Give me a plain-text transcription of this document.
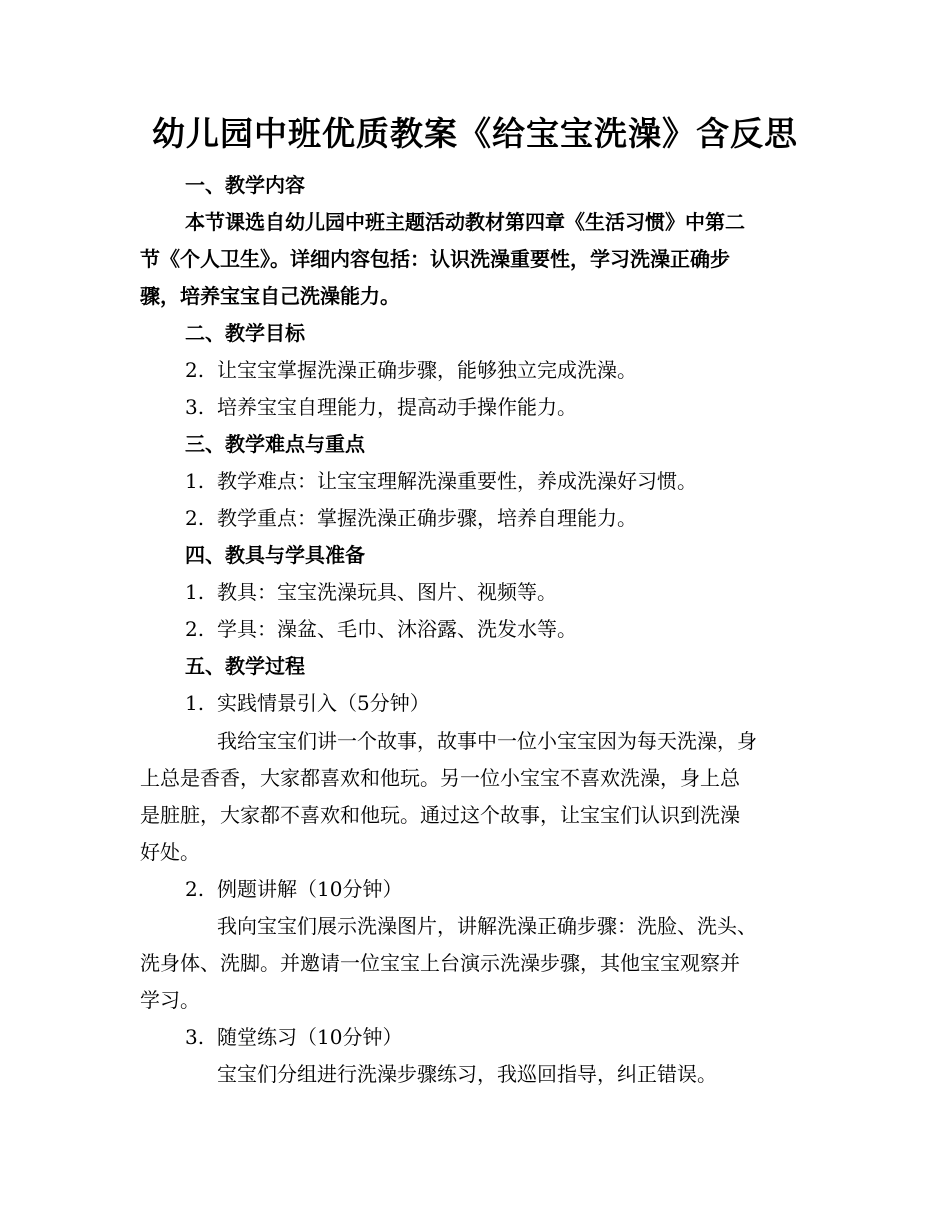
幼儿园中班优质教案《给宝宝洗澡》含反思
一、教学内容
本节课选自幼儿园中班主题活动教材第四章《生活习惯》中第二
节《个人卫生》。详细内容包括：认识洗澡重要性，学习洗澡正确步
骤，培养宝宝自己洗澡能力。
二、教学目标
2. 让宝宝掌握洗澡正确步骤，能够独立完成洗澡。
3. 培养宝宝自理能力，提高动手操作能力。
三、教学难点与重点
1. 教学难点：让宝宝理解洗澡重要性，养成洗澡好习惯。
2. 教学重点：掌握洗澡正确步骤，培养自理能力。
四、教具与学具准备
1. 教具：宝宝洗澡玩具、图片、视频等。
2. 学具：澡盆、毛巾、沐浴露、洗发水等。
五、教学过程
1. 实践情景引入（5分钟）
我给宝宝们讲一个故事，故事中一位小宝宝因为每天洗澡，身
上总是香香，大家都喜欢和他玩。另一位小宝宝不喜欢洗澡，身上总
是脏脏，大家都不喜欢和他玩。通过这个故事，让宝宝们认识到洗澡
好处。
2. 例题讲解（10分钟）
我向宝宝们展示洗澡图片，讲解洗澡正确步骤：洗脸、洗头、
洗身体、洗脚。并邀请一位宝宝上台演示洗澡步骤，其他宝宝观察并
学习。
3. 随堂练习（10分钟）
宝宝们分组进行洗澡步骤练习，我巡回指导，纠正错误。
